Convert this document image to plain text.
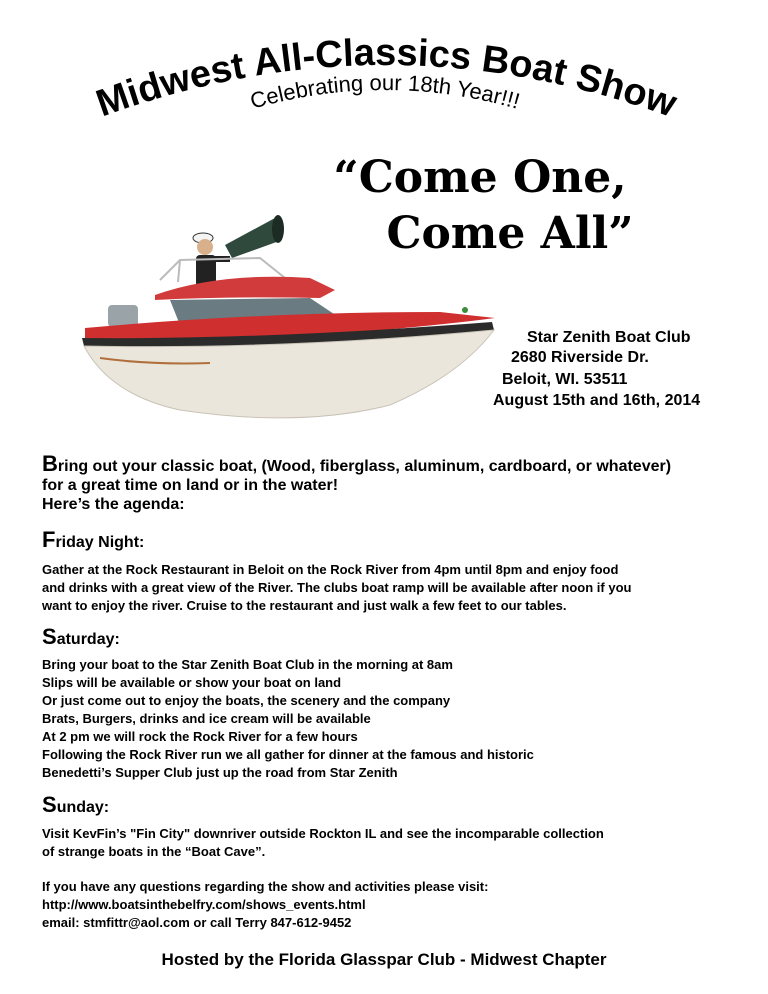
Midwest All-Classics Boat Show
Celebrating our 18th Year!!!
“Come One,
Come All”
Star Zenith Boat Club
2680 Riverside Dr.
Beloit, WI. 53511
August 15th and 16th, 2014
Bring out your classic boat, (Wood, fiberglass, aluminum, cardboard, or whatever)
for a great time on land or in the water!
Here’s the agenda:
Friday Night:
Gather at the Rock Restaurant in Beloit on the Rock River from 4pm until 8pm and enjoy food
and drinks with a great view of the River. The clubs boat ramp will be available after noon if you
want to enjoy the river. Cruise to the restaurant and just walk a few feet to our tables.
Saturday:
Bring your boat to the Star Zenith Boat Club in the morning at 8am
Slips will be available or show your boat on land
Or just come out to enjoy the boats, the scenery and the company
Brats, Burgers, drinks and ice cream will be available
At 2 pm we will rock the Rock River for a few hours
Following the Rock River run we all gather for dinner at the famous and historic
Benedetti’s Supper Club just up the road from Star Zenith
Sunday:
Visit KevFin’s "Fin City" downriver outside Rockton IL and see the incomparable collection
of strange boats in the “Boat Cave”.
If you have any questions regarding the show and activities please visit:
http://www.boatsinthebelfry.com/shows_events.html
email: stmfittr@aol.com or call Terry 847-612-9452
Hosted by the Florida Glasspar Club - Midwest Chapter
